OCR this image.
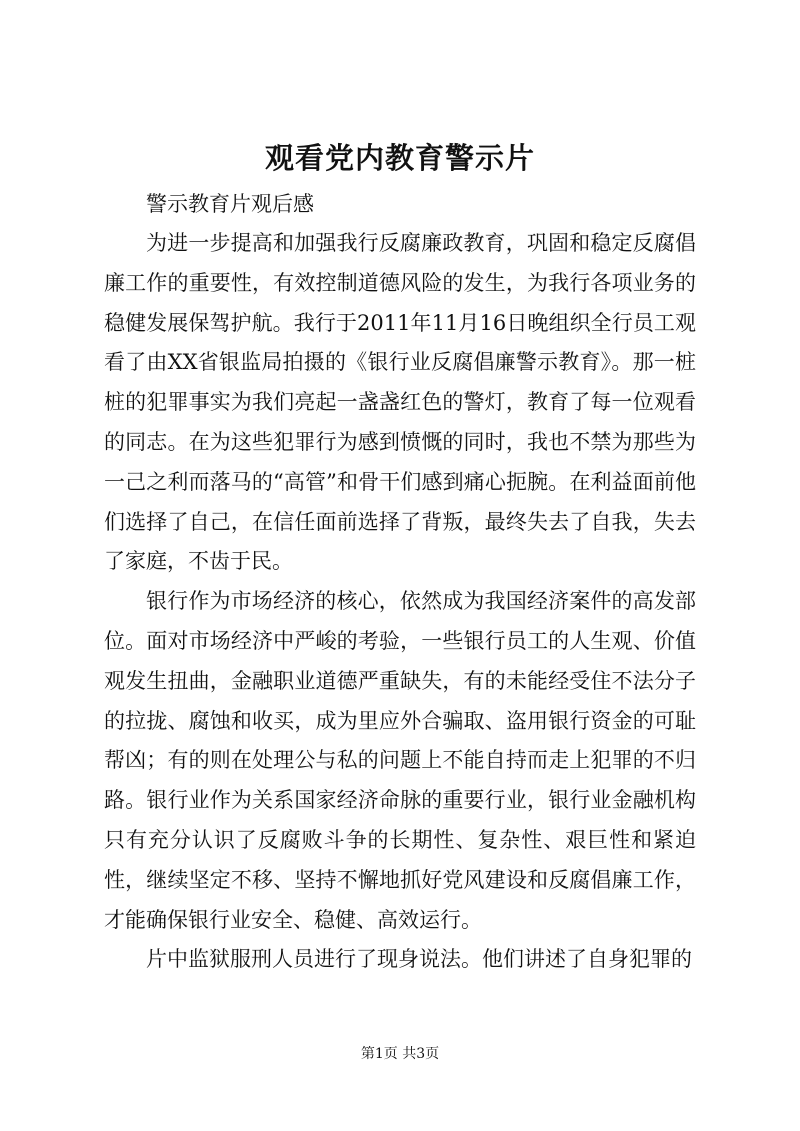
观看党内教育警示片

警示教育片观后感

为进一步提高和加强我行反腐廉政教育，巩固和稳定反腐倡廉工作的重要性，有效控制道德风险的发生，为我行各项业务的稳健发展保驾护航。我行于2011年11月16日晚组织全行员工观看了由XX省银监局拍摄的《银行业反腐倡廉警示教育》。那一桩桩的犯罪事实为我们亮起一盏盏红色的警灯，教育了每一位观看的同志。在为这些犯罪行为感到愤慨的同时，我也不禁为那些为一己之利而落马的“高管”和骨干们感到痛心扼腕。在利益面前他们选择了自己，在信任面前选择了背叛，最终失去了自我，失去了家庭，不齿于民。

银行作为市场经济的核心，依然成为我国经济案件的高发部位。面对市场经济中严峻的考验，一些银行员工的人生观、价值观发生扭曲，金融职业道德严重缺失，有的未能经受住不法分子的拉拢、腐蚀和收买，成为里应外合骗取、盗用银行资金的可耻帮凶；有的则在处理公与私的问题上不能自持而走上犯罪的不归路。银行业作为关系国家经济命脉的重要行业，银行业金融机构只有充分认识了反腐败斗争的长期性、复杂性、艰巨性和紧迫性，继续坚定不移、坚持不懈地抓好党风建设和反腐倡廉工作，才能确保银行业安全、稳健、高效运行。

片中监狱服刑人员进行了现身说法。他们讲述了自身犯罪的

第1页 共3页
